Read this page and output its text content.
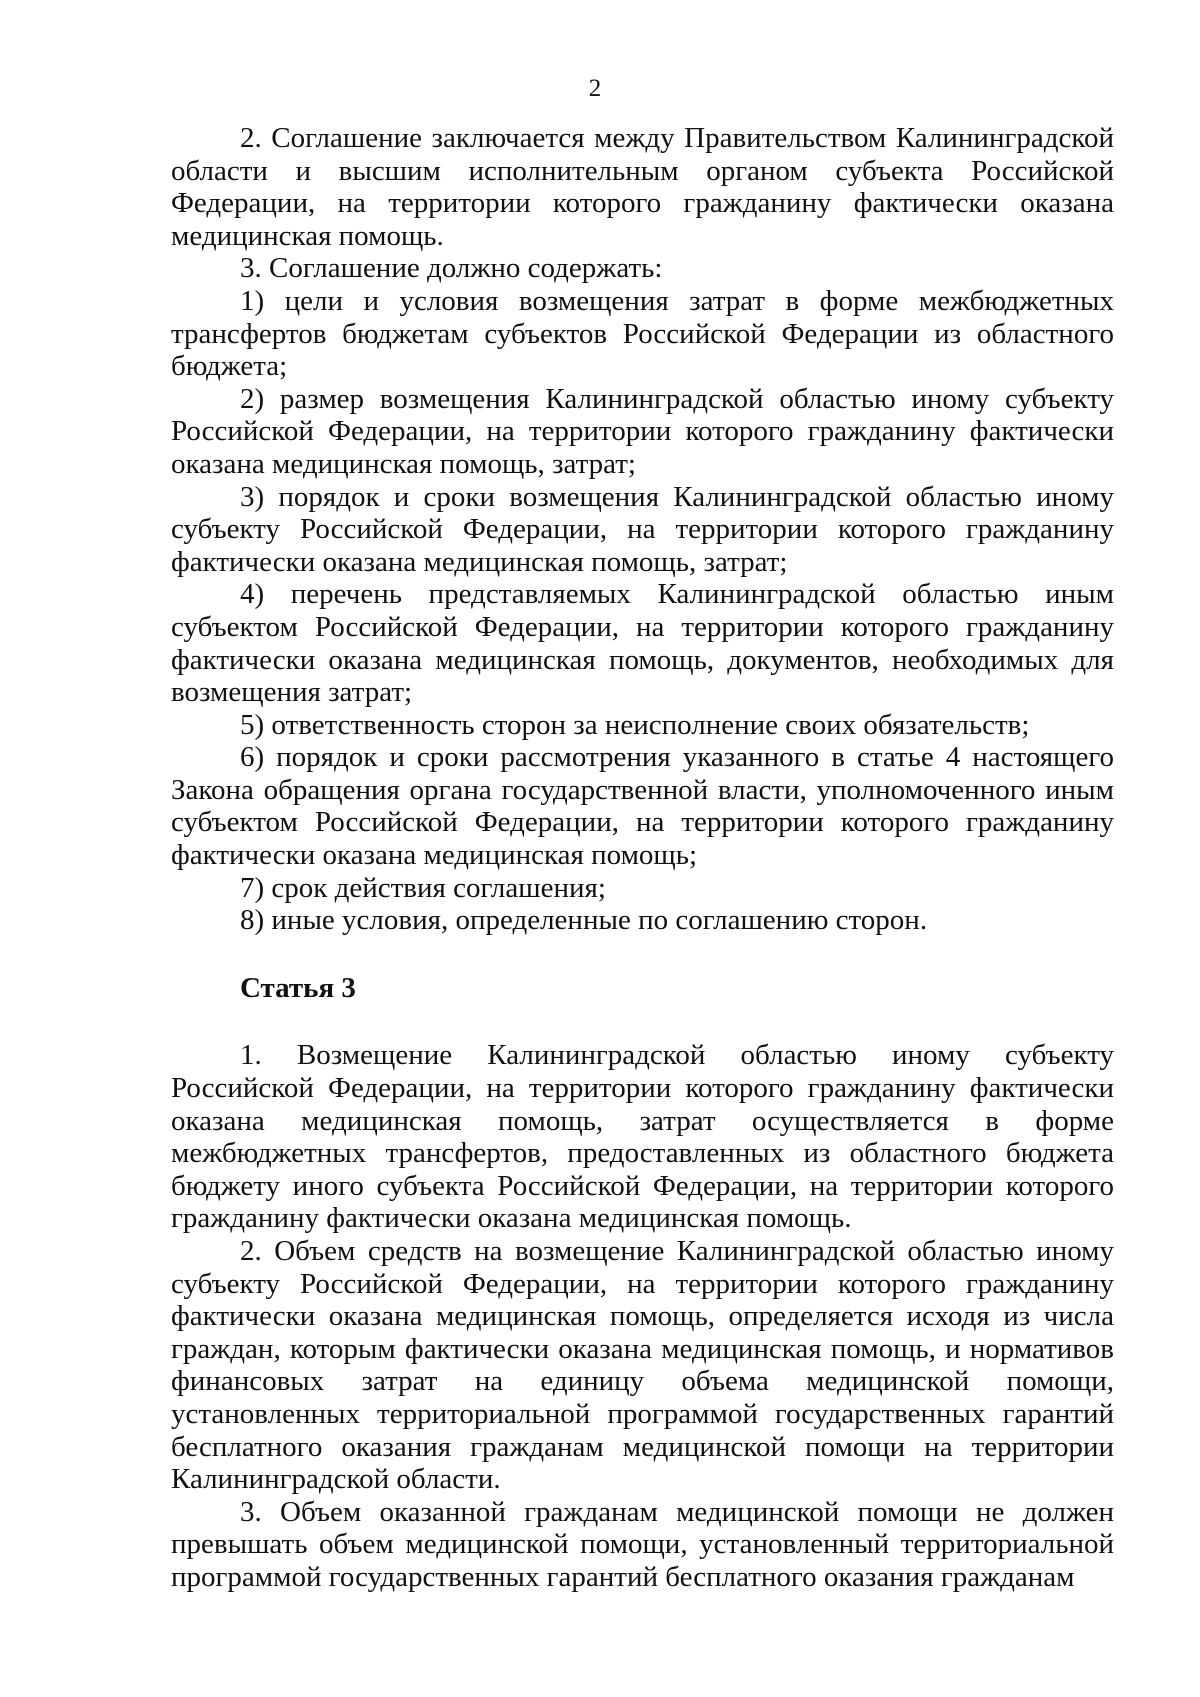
2

2. Соглашение заключается между Правительством Калининградской области и высшим исполнительным органом субъекта Российской Федерации, на территории которого гражданину фактически оказана медицинская помощь.

3. Соглашение должно содержать:

1) цели и условия возмещения затрат в форме межбюджетных трансфертов бюджетам субъектов Российской Федерации из областного бюджета;

2) размер возмещения Калининградской областью иному субъекту Российской Федерации, на территории которого гражданину фактически оказана медицинская помощь, затрат;

3) порядок и сроки возмещения Калининградской областью иному субъекту Российской Федерации, на территории которого гражданину фактически оказана медицинская помощь, затрат;

4) перечень представляемых Калининградской областью иным субъектом Российской Федерации, на территории которого гражданину фактически оказана медицинская помощь, документов, необходимых для возмещения затрат;

5) ответственность сторон за неисполнение своих обязательств;

6) порядок и сроки рассмотрения указанного в статье 4 настоящего Закона обращения органа государственной власти, уполномоченного иным субъектом Российской Федерации, на территории которого гражданину фактически оказана медицинская помощь;

7) срок действия соглашения;

8) иные условия, определенные по соглашению сторон.

Статья 3

1. Возмещение Калининградской областью иному субъекту Российской Федерации, на территории которого гражданину фактически оказана медицинская помощь, затрат осуществляется в форме межбюджетных трансфертов, предоставленных из областного бюджета бюджету иного субъекта Российской Федерации, на территории которого гражданину фактически оказана медицинская помощь.

2. Объем средств на возмещение Калининградской областью иному субъекту Российской Федерации, на территории которого гражданину фактически оказана медицинская помощь, определяется исходя из числа граждан, которым фактически оказана медицинская помощь, и нормативов финансовых затрат на единицу объема медицинской помощи, установленных территориальной программой государственных гарантий бесплатного оказания гражданам медицинской помощи на территории Калининградской области.

3. Объем оказанной гражданам медицинской помощи не должен превышать объем медицинской помощи, установленный территориальной программой государственных гарантий бесплатного оказания гражданам
